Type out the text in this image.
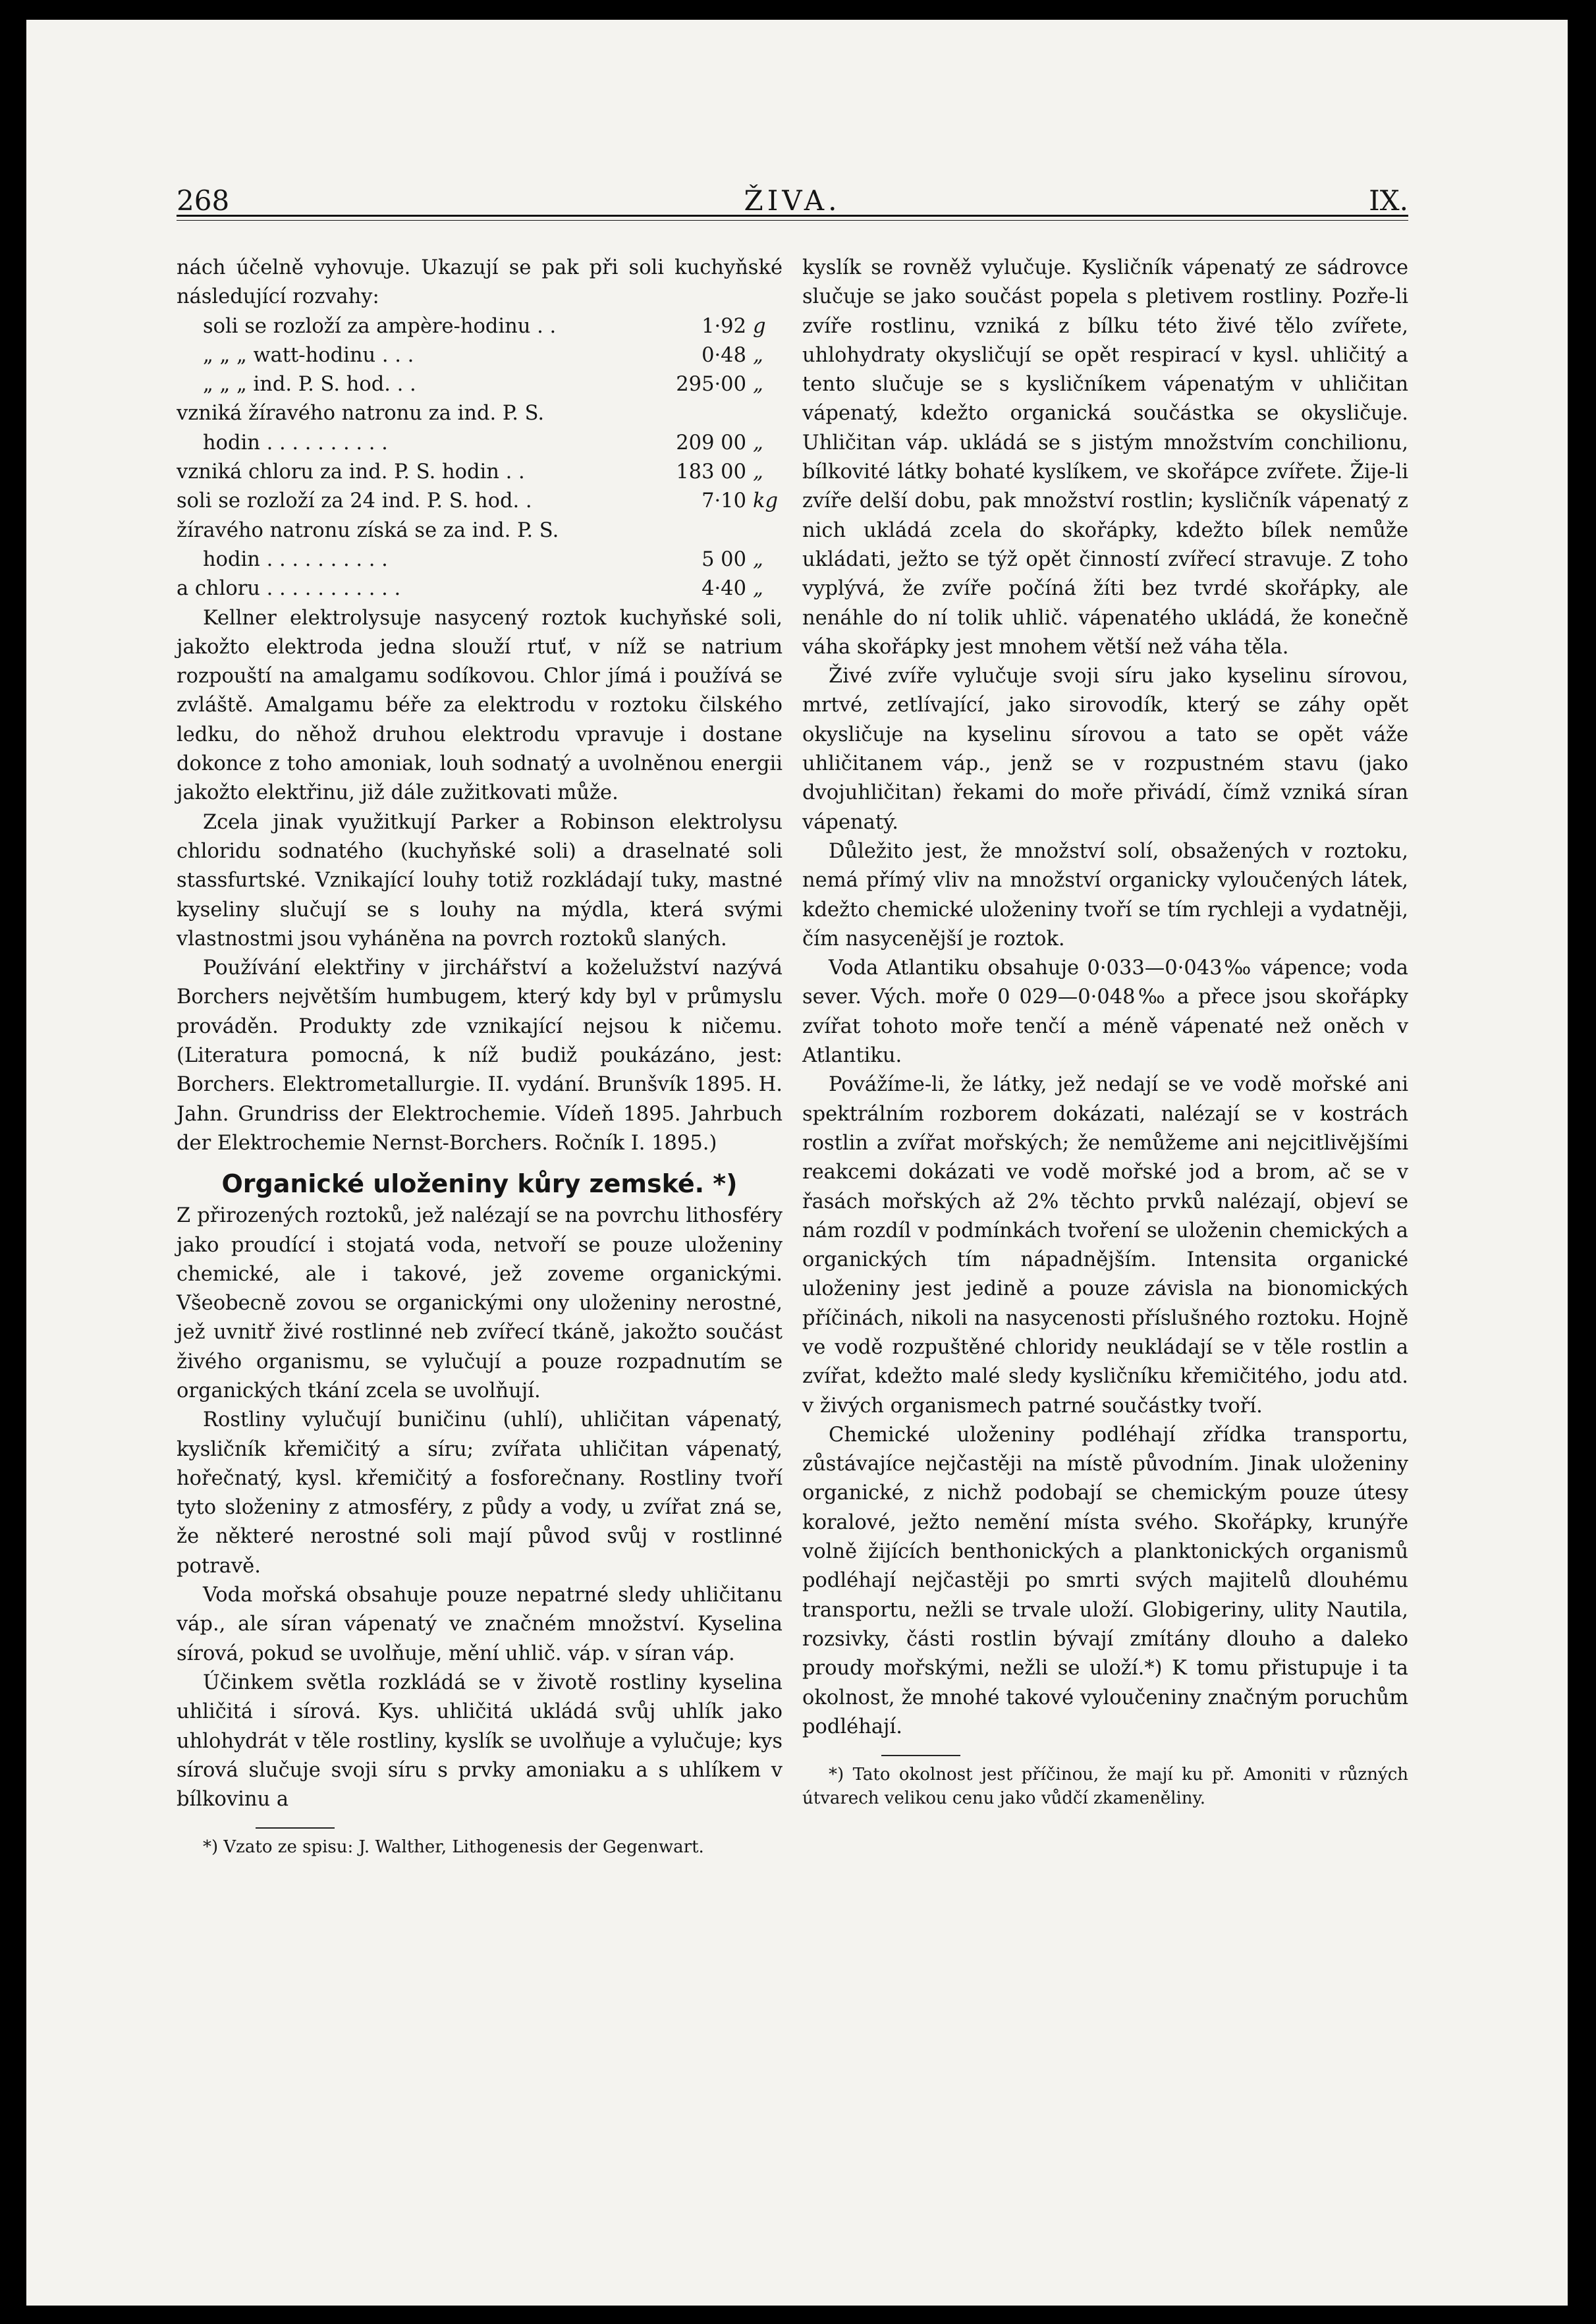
268	ŽIVA.	IX.

nách účelně vyhovuje. Ukazují se pak při soli kuchyňské následující rozvahy:

soli se rozloží za ampère-hodinu . .	1·92 g
„ „ „ watt-hodinu . . .	0·48 „
„ „ „ ind. P. S. hod. . .	295·00 „
vzniká žíravého natronu za ind. P. S.
hodin . . . . . . . . . .	209 00 „
vzniká chloru za ind. P. S. hodin . .	183 00 „
soli se rozloží za 24 ind. P. S. hod. .	7·10 kg
žíravého natronu získá se za ind. P. S.
hodin . . . . . . . . . .	5 00 „
a chloru . . . . . . . . . . .	4·40 „

Kellner elektrolysuje nasycený roztok kuchyňské soli, jakožto elektroda jedna slouží rtuť, v níž se natrium rozpouští na amalgamu sodíkovou. Chlor jímá i používá se zvláště. Amalgamu béře za elektrodu v roztoku čilského ledku, do něhož druhou elektrodu vpravuje i dostane dokonce z toho amoniak, louh sodnatý a uvolněnou energii jakožto elektřinu, již dále zužitkovati může.

Zcela jinak využitkují Parker a Robinson elektrolysu chloridu sodnatého (kuchyňské soli) a draselnaté soli stassfurtské. Vznikající louhy totiž rozkládají tuky, mastné kyseliny slučují se s louhy na mýdla, která svými vlastnostmi jsou vyháněna na povrch roztoků slaných.

Používání elektřiny v jirchářství a koželužství nazývá Borchers největším humbugem, který kdy byl v průmyslu prováděn. Produkty zde vznikající nejsou k ničemu. (Literatura pomocná, k níž budiž poukázáno, jest: Borchers. Elektrometallurgie. II. vydání. Brunšvík 1895. H. Jahn. Grundriss der Elektrochemie. Vídeň 1895. Jahrbuch der Elektrochemie Nernst-Borchers. Ročník I. 1895.)

Organické uloženiny kůry zemské. *)

Z přirozených roztoků, jež nalézají se na povrchu lithosféry jako proudící i stojatá voda, netvoří se pouze uloženiny chemické, ale i takové, jež zoveme organickými. Všeobecně zovou se organickými ony uloženiny nerostné, jež uvnitř živé rostlinné neb zvířecí tkáně, jakožto součást živého organismu, se vylučují a pouze rozpadnutím se organických tkání zcela se uvolňují.

Rostliny vylučují buničinu (uhlí), uhličitan vápenatý, kysličník křemičitý a síru; zvířata uhličitan vápenatý, hořečnatý, kysl. křemičitý a fosforečnany. Rostliny tvoří tyto složeniny z atmosféry, z půdy a vody, u zvířat zná se, že některé nerostné soli mají původ svůj v rostlinné potravě.

Voda mořská obsahuje pouze nepatrné sledy uhličitanu váp., ale síran vápenatý ve značném množství. Kyselina sírová, pokud se uvolňuje, mění uhlič. váp. v síran váp.

Účinkem světla rozkládá se v životě rostliny kyselina uhličitá i sírová. Kys. uhličitá ukládá svůj uhlík jako uhlohydrát v těle rostliny, kyslík se uvolňuje a vylučuje; kys sírová slučuje svoji síru s prvky amoniaku a s uhlíkem v bílkovinu a

*) Vzato ze spisu: J. Walther, Lithogenesis der Gegenwart.

kyslík se rovněž vylučuje. Kysličník vápenatý ze sádrovce slučuje se jako součást popela s pletivem rostliny. Pozře-li zvíře rostlinu, vzniká z bílku této živé tělo zvířete, uhlohydraty okysličují se opět respirací v kysl. uhličitý a tento slučuje se s kysličníkem vápenatým v uhličitan vápenatý, kdežto organická součástka se okysličuje. Uhličitan váp. ukládá se s jistým množstvím conchilionu, bílkovité látky bohaté kyslíkem, ve skořápce zvířete. Žije-li zvíře delší dobu, pak množství rostlin; kysličník vápenatý z nich ukládá zcela do skořápky, kdežto bílek nemůže ukládati, ježto se týž opět činností zvířecí stravuje. Z toho vyplývá, že zvíře počíná žíti bez tvrdé skořápky, ale nenáhle do ní tolik uhlič. vápenatého ukládá, že konečně váha skořápky jest mnohem větší než váha těla.

Živé zvíře vylučuje svoji síru jako kyselinu sírovou, mrtvé, zetlívající, jako sirovodík, který se záhy opět okysličuje na kyselinu sírovou a tato se opět váže uhličitanem váp., jenž se v rozpustném stavu (jako dvojuhličitan) řekami do moře přivádí, čímž vzniká síran vápenatý.

Důležito jest, že množství solí, obsažených v roztoku, nemá přímý vliv na množství organicky vyloučených látek, kdežto chemické uloženiny tvoří se tím rychleji a vydatněji, čím nasycenější je roztok.

Voda Atlantiku obsahuje 0·033—0·043‰ vápence; voda sever. Vých. moře 0 029—0·048‰ a přece jsou skořápky zvířat tohoto moře tenčí a méně vápenaté než oněch v Atlantiku.

Povážíme-li, že látky, jež nedají se ve vodě mořské ani spektrálním rozborem dokázati, nalézají se v kostrách rostlin a zvířat mořských; že nemůžeme ani nejcitlivějšími reakcemi dokázati ve vodě mořské jod a brom, ač se v řasách mořských až 2% těchto prvků nalézají, objeví se nám rozdíl v podmínkách tvoření se uloženin chemických a organických tím nápadnějším. Intensita organické uloženiny jest jedině a pouze závisla na bionomických příčinách, nikoli na nasycenosti příslušného roztoku. Hojně ve vodě rozpuštěné chloridy neukládají se v těle rostlin a zvířat, kdežto malé sledy kysličníku křemičitého, jodu atd. v živých organismech patrné součástky tvoří.

Chemické uloženiny podléhají zřídka transportu, zůstávajíce nejčastěji na místě původním. Jinak uloženiny organické, z nichž podobají se chemickým pouze útesy koralové, ježto nemění místa svého. Skořápky, krunýře volně žijících benthonických a planktonických organismů podléhají nejčastěji po smrti svých majitelů dlouhému transportu, nežli se trvale uloží. Globigeriny, ulity Nautila, rozsivky, části rostlin bývají zmítány dlouho a daleko proudy mořskými, nežli se uloží.*) K tomu přistupuje i ta okolnost, že mnohé takové vyloučeniny značným poruchům podléhají.

*) Tato okolnost jest příčinou, že mají ku př. Amoniti v různých útvarech velikou cenu jako vůdčí zkameněliny.
